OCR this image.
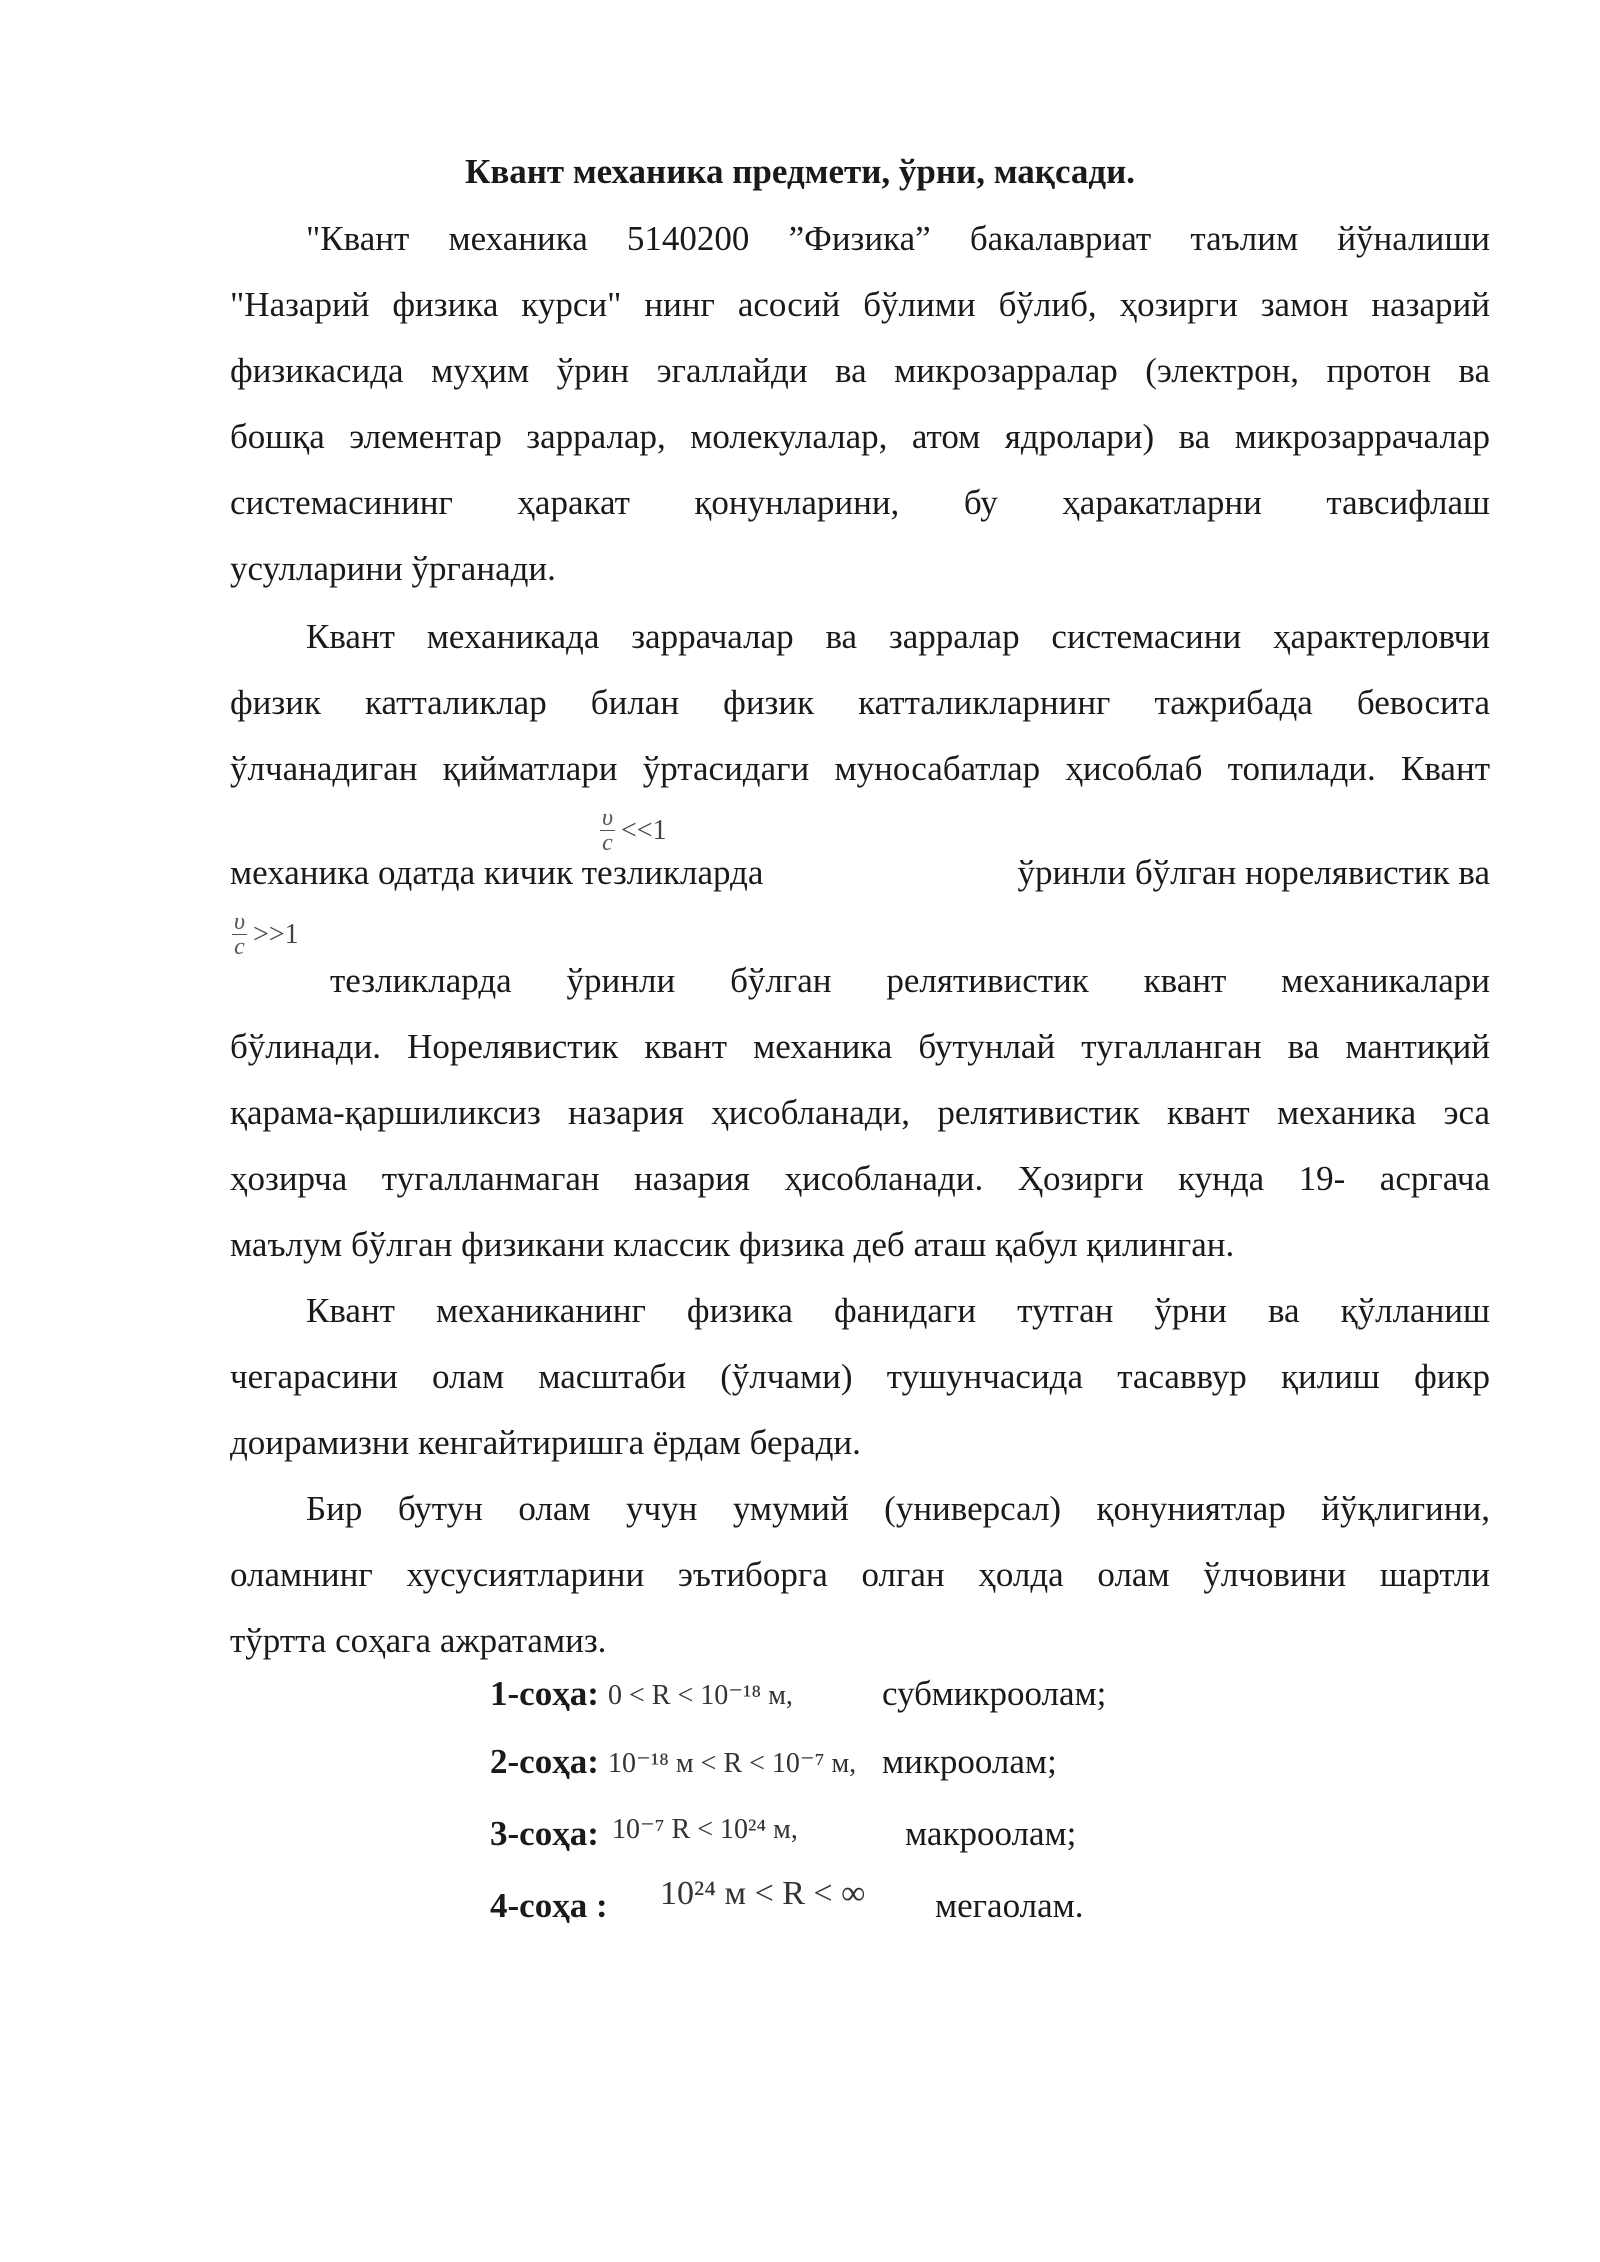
Квант механика предмети, ўрни, мақсади.
"Квант механика 5140200 ”Физика” бакалавриат таълим йўналиши
"Назарий физика курси" нинг асосий бўлими бўлиб, ҳозирги замон назарий
физикасида муҳим ўрин эгаллайди ва микрозарралар (электрон, протон ва
бошқа элементар зарралар, молекулалар, атом ядролари) ва микрозаррачалар
системасининг ҳаракат қонунларини, бу ҳаракатларни тавсифлаш
усулларини ўрганади.
Квант механикада заррачалар ва зарралар системасини ҳарактерловчи
физик катталиклар билан физик катталикларнинг тажрибада бевосита
ўлчанадиган қийматлари ўртасидаги муносабатлар ҳисоблаб топилади. Квант
механика одатда кичик тезликларда	ўринли бўлган норелявистик ва
$\frac{\upsilon}{c} <<1$
$\frac{\upsilon}{c} >>1$
тезликларда ўринли бўлган релятивистик квант механикалари
бўлинади. Норелявистик квант механика бутунлай тугалланган ва мантиқий
қарама-қаршиликсиз назария ҳисобланади, релятивистик квант механика эса
ҳозирча тугалланмаган назария ҳисобланади. Ҳозирги кунда 19- асргача
маълум бўлган физикани классик физика деб аташ қабул қилинган.
Квант механиканинг физика фанидаги тутган ўрни ва қўлланиш
чегарасини олам масштаби (ўлчами) тушунчасида тасаввур қилиш фикр
доирамизни кенгайтиришга ёрдам беради.
Бир бутун олам учун умумий (универсал) қонуниятлар йўқлигини,
оламнинг хусусиятларини эътиборга олган ҳолда олам ўлчовини шартли
тўртта соҳага ажратамиз.
1-соҳа: 0 < R < 10⁻¹⁸ м,	субмикроолам;
2-соҳа: 10⁻¹⁸ м < R < 10⁻⁷ м, микроолам;
3-соҳа: 10⁻⁷ R < 10²⁴ м,	макроолам;
4-соҳа : 10²⁴ м < R < ∞ мегаолам.
